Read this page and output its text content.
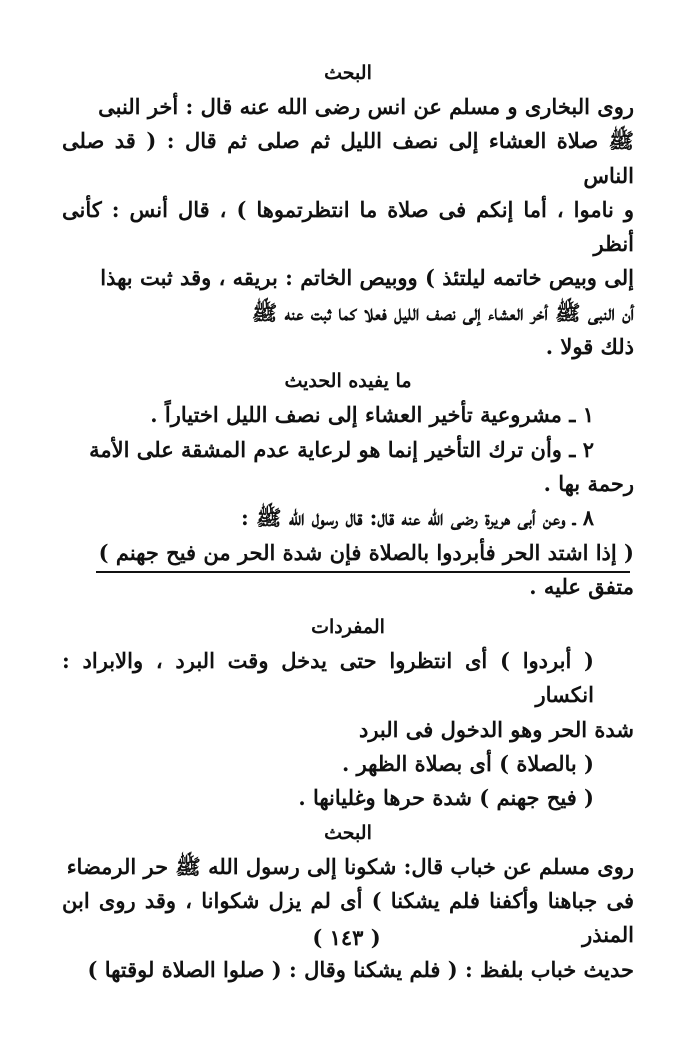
البحث

روى البخارى و مسلم عن انس رضى الله عنه قال : أخر النبى

ﷺ صلاة العشاء إلى نصف الليل ثم صلى ثم قال : ( قد صلى الناس

و ناموا ، أما إنكم فى صلاة ما انتظرتموها ) ، قال أنس : كأنى أنظر

إلى وبيص خاتمه ليلتئذ ) ووبيص الخاتم : بريقه ، وقد ثبت بهذا

أن النبى ﷺ أخر العشاء إلى نصف الليل فعلا كما ثبت عنه ﷺ

ذلك قولا .

ما يفيده الحديث

١ ـ مشروعية تأخير العشاء إلى نصف الليل اختياراً .

٢ ـ وأن ترك التأخير إنما هو لرعاية عدم المشقة على الأمة

رحمة بها .

٨ ـ وعن أبى هريرة رضى الله عنه قال: قال رسول الله ﷺ :

( إذا اشتد الحر فأبردوا بالصلاة فإن شدة الحر من فيح جهنم )

متفق عليه .

المفردات

( أبردوا ) أى انتظروا حتى يدخل وقت البرد ، والابراد : انكسار

شدة الحر وهو الدخول فى البرد

( بالصلاة ) أى بصلاة الظهر .

( فيح جهنم ) شدة حرها وغليانها .

البحث

روى مسلم عن خباب قال: شكونا إلى رسول الله ﷺ حر الرمضاء

فى جباهنا وأكفنا فلم يشكنا ) أى لم يزل شكوانا ، وقد روى ابن المنذر

حديث خباب بلفظ : ( فلم يشكنا وقال : ( صلوا الصلاة لوقتها )

( ١٤٣ )
